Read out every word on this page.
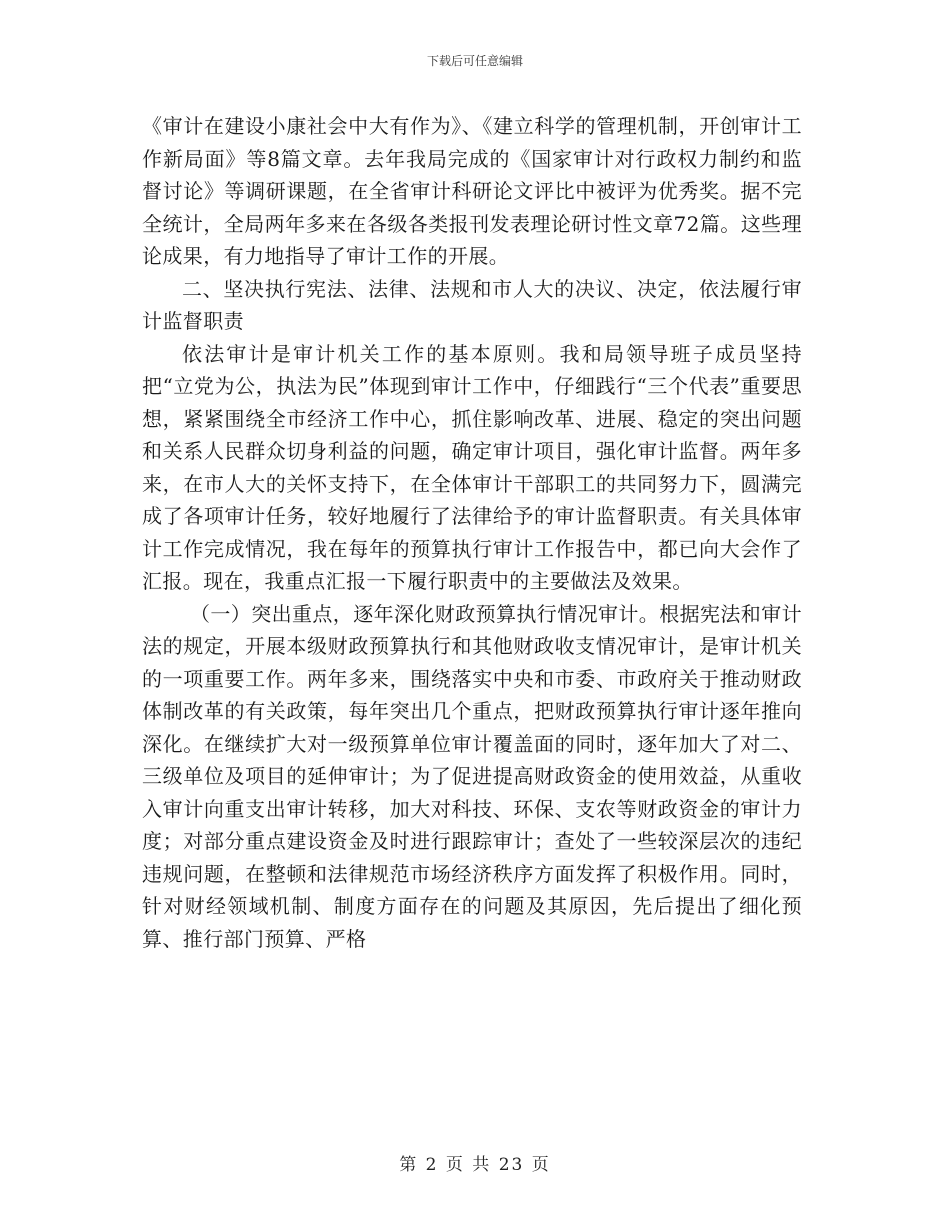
下载后可任意编辑

《审计在建设小康社会中大有作为》、《建立科学的管理机制，开创审计工作新局面》等8篇文章。去年我局完成的《国家审计对行政权力制约和监督讨论》等调研课题，在全省审计科研论文评比中被评为优秀奖。据不完全统计，全局两年多来在各级各类报刊发表理论研讨性文章72篇。这些理论成果，有力地指导了审计工作的开展。

二、坚决执行宪法、法律、法规和市人大的决议、决定，依法履行审计监督职责

依法审计是审计机关工作的基本原则。我和局领导班子成员坚持把“立党为公，执法为民”体现到审计工作中，仔细践行“三个代表”重要思想，紧紧围绕全市经济工作中心，抓住影响改革、进展、稳定的突出问题和关系人民群众切身利益的问题，确定审计项目，强化审计监督。两年多来，在市人大的关怀支持下，在全体审计干部职工的共同努力下，圆满完成了各项审计任务，较好地履行了法律给予的审计监督职责。有关具体审计工作完成情况，我在每年的预算执行审计工作报告中，都已向大会作了汇报。现在，我重点汇报一下履行职责中的主要做法及效果。

（一）突出重点，逐年深化财政预算执行情况审计。根据宪法和审计法的规定，开展本级财政预算执行和其他财政收支情况审计，是审计机关的一项重要工作。两年多来，围绕落实中央和市委、市政府关于推动财政体制改革的有关政策，每年突出几个重点，把财政预算执行审计逐年推向深化。在继续扩大对一级预算单位审计覆盖面的同时，逐年加大了对二、三级单位及项目的延伸审计；为了促进提高财政资金的使用效益，从重收入审计向重支出审计转移，加大对科技、环保、支农等财政资金的审计力度；对部分重点建设资金及时进行跟踪审计；查处了一些较深层次的违纪违规问题，在整顿和法律规范市场经济秩序方面发挥了积极作用。同时，针对财经领域机制、制度方面存在的问题及其原因，先后提出了细化预算、推行部门预算、严格

第 2 页 共 23 页
